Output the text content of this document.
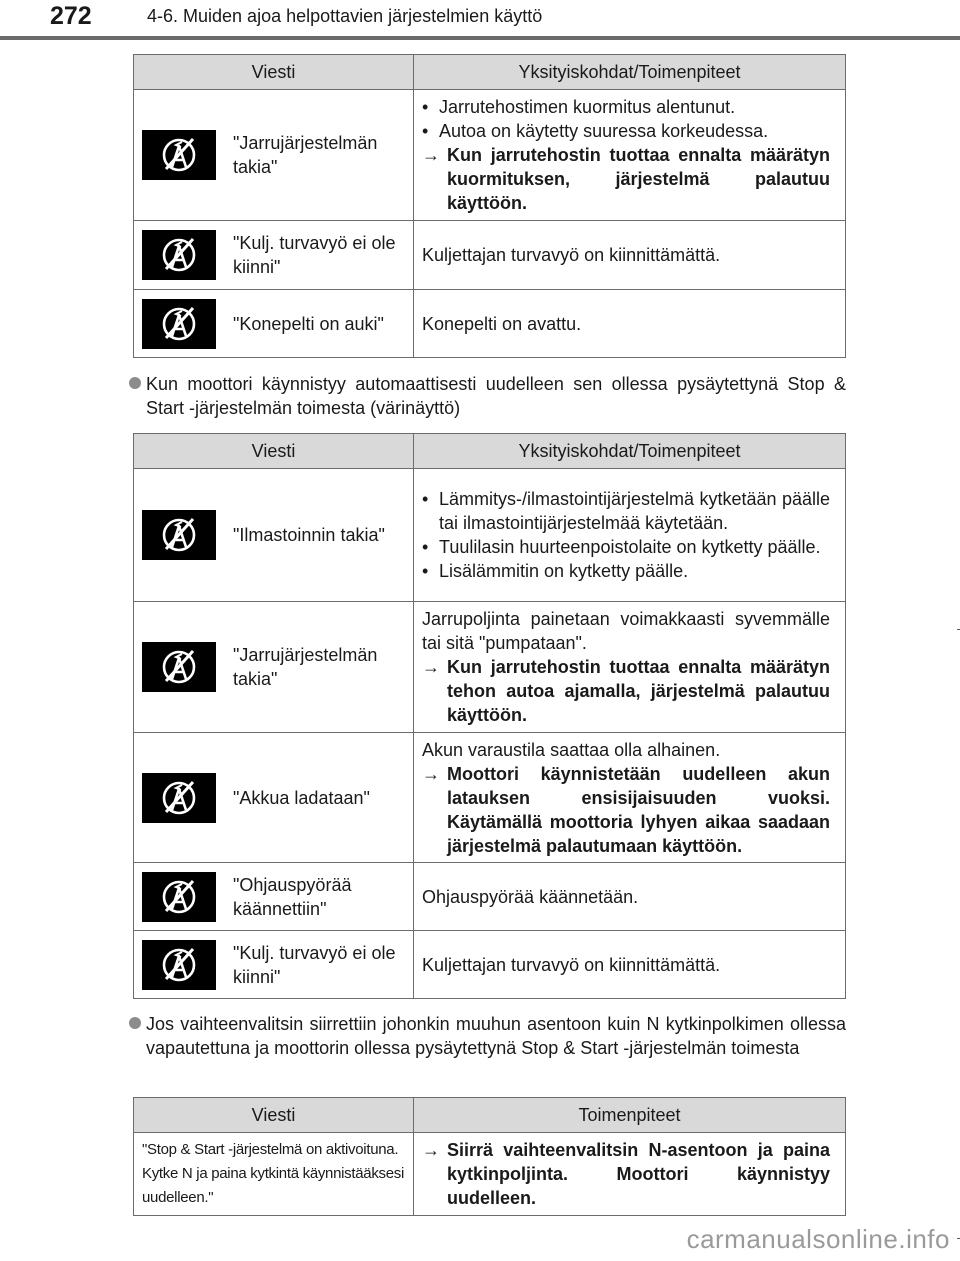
272	4-6. Muiden ajoa helpottavien järjestelmien käyttö
Viesti	Yksityiskohdat/Toimenpiteet

"Jarrujärjestelmän takia"	• Jarrutehostimen kuormitus alentunut.
• Autoa on käytetty suuressa korkeudessa.
→ Kun jarrutehostin tuottaa ennalta määrätyn kuormituksen, järjestelmä palautuu käyttöön.

"Kulj. turvavyö ei ole kiinni"	Kuljettajan turvavyö on kiinnittämättä.

"Konepelti on auki"	Konepelti on avattu.
Kun moottori käynnistyy automaattisesti uudelleen sen ollessa pysäytettynä Stop & Start -järjestelmän toimesta (värinäyttö)
Viesti	Yksityiskohdat/Toimenpiteet

"Ilmastoinnin takia"	• Lämmitys-/ilmastointijärjestelmä kytketään päälle tai ilmastointijärjestelmää käytetään.
• Tuulilasin huurteenpoistolaite on kytketty päälle.
• Lisälämmitin on kytketty päälle.

"Jarrujärjestelmän takia"	Jarrupoljinta painetaan voimakkaasti syvemmälle tai sitä "pumpataan".
→ Kun jarrutehostin tuottaa ennalta määrätyn tehon autoa ajamalla, järjestelmä palautuu käyttöön.

"Akkua ladataan"	Akun varaustila saattaa olla alhainen.
→ Moottori käynnistetään uudelleen akun latauksen ensisijaisuuden vuoksi. Käytämällä moottoria lyhyen aikaa saadaan järjestelmä palautumaan käyttöön.

"Ohjauspyörää käännettiin"	Ohjauspyörää käännetään.

"Kulj. turvavyö ei ole kiinni"	Kuljettajan turvavyö on kiinnittämättä.
Jos vaihteenvalitsin siirrettiin johonkin muuhun asentoon kuin N kytkinpolkimen ollessa vapautettuna ja moottorin ollessa pysäytettynä Stop & Start -järjestelmän toimesta
Viesti	Toimenpiteet

"Stop & Start -järjestelmä on aktivoituna. Kytke N ja paina kytkintä käynnistääksesi uudelleen."	→ Siirrä vaihteenvalitsin N-asentoon ja paina kytkinpoljinta. Moottori käynnistyy uudelleen.
carmanualsonline.info
